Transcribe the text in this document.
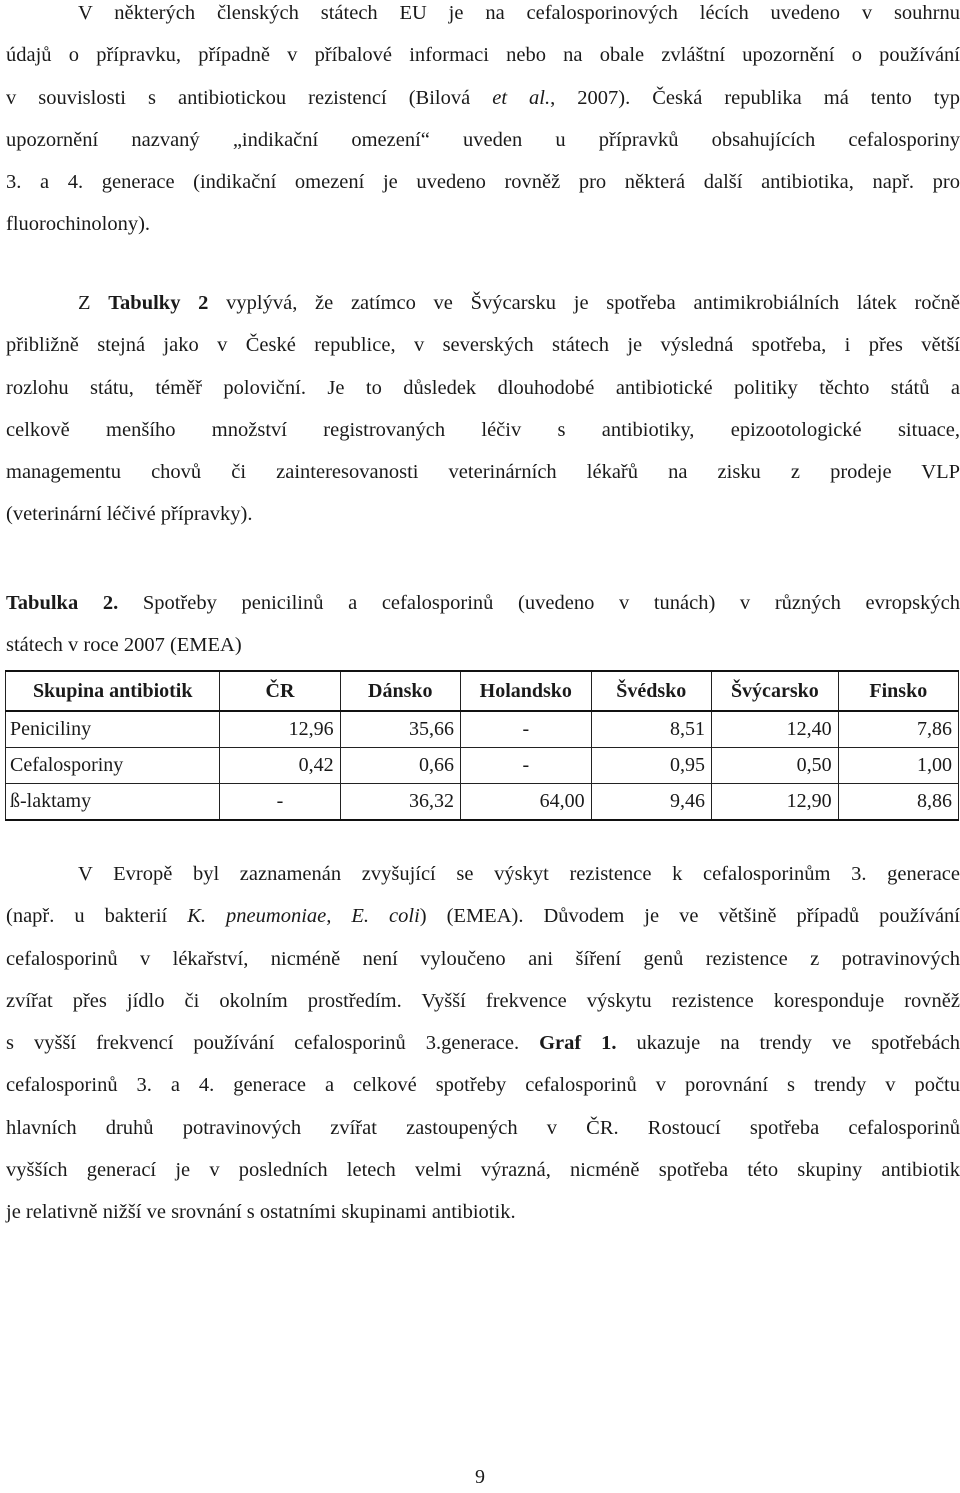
V některých členských státech EU je na cefalosporinových lécích uvedeno v souhrnu
údajů o přípravku, případně v příbalové informaci nebo na obale zvláštní upozornění o používání
v souvislosti s antibiotickou rezistencí (Bilová et al., 2007). Česká republika má tento typ
upozornění nazvaný „indikační omezení“ uveden u přípravků obsahujících cefalosporiny
3. a 4. generace (indikační omezení je uvedeno rovněž pro některá další antibiotika, např. pro
fluorochinolony).
Z Tabulky 2 vyplývá, že zatímco ve Švýcarsku je spotřeba antimikrobiálních látek ročně
přibližně stejná jako v České republice, v severských státech je výsledná spotřeba, i přes větší
rozlohu státu, téměř poloviční. Je to důsledek dlouhodobé antibiotické politiky těchto států a
celkově menšího množství registrovaných léčiv s antibiotiky, epizootologické situace,
managementu chovů či zainteresovanosti veterinárních lékařů na zisku z prodeje VLP
(veterinární léčivé přípravky).
Tabulka 2. Spotřeby penicilinů a cefalosporinů (uvedeno v tunách) v různých evropských
státech v roce 2007 (EMEA)
Skupina antibiotik	ČR	Dánsko	Holandsko	Švédsko	Švýcarsko	Finsko
Peniciliny	12,96	35,66	-	8,51	12,40	7,86
Cefalosporiny	0,42	0,66	-	0,95	0,50	1,00
ß-laktamy	-	36,32	64,00	9,46	12,90	8,86
V Evropě byl zaznamenán zvyšující se výskyt rezistence k cefalosporinům 3. generace
(např. u bakterií K. pneumoniae, E. coli) (EMEA). Důvodem je ve většině případů používání
cefalosporinů v lékařství, nicméně není vyloučeno ani šíření genů rezistence z potravinových
zvířat přes jídlo či okolním prostředím. Vyšší frekvence výskytu rezistence koresponduje rovněž
s vyšší frekvencí používání cefalosporinů 3.generace. Graf 1. ukazuje na trendy ve spotřebách
cefalosporinů 3. a 4. generace a celkové spotřeby cefalosporinů v porovnání s trendy v počtu
hlavních druhů potravinových zvířat zastoupených v ČR. Rostoucí spotřeba cefalosporinů
vyšších generací je v posledních letech velmi výrazná, nicméně spotřeba této skupiny antibiotik
je relativně nižší ve srovnání s ostatními skupinami antibiotik.
9
